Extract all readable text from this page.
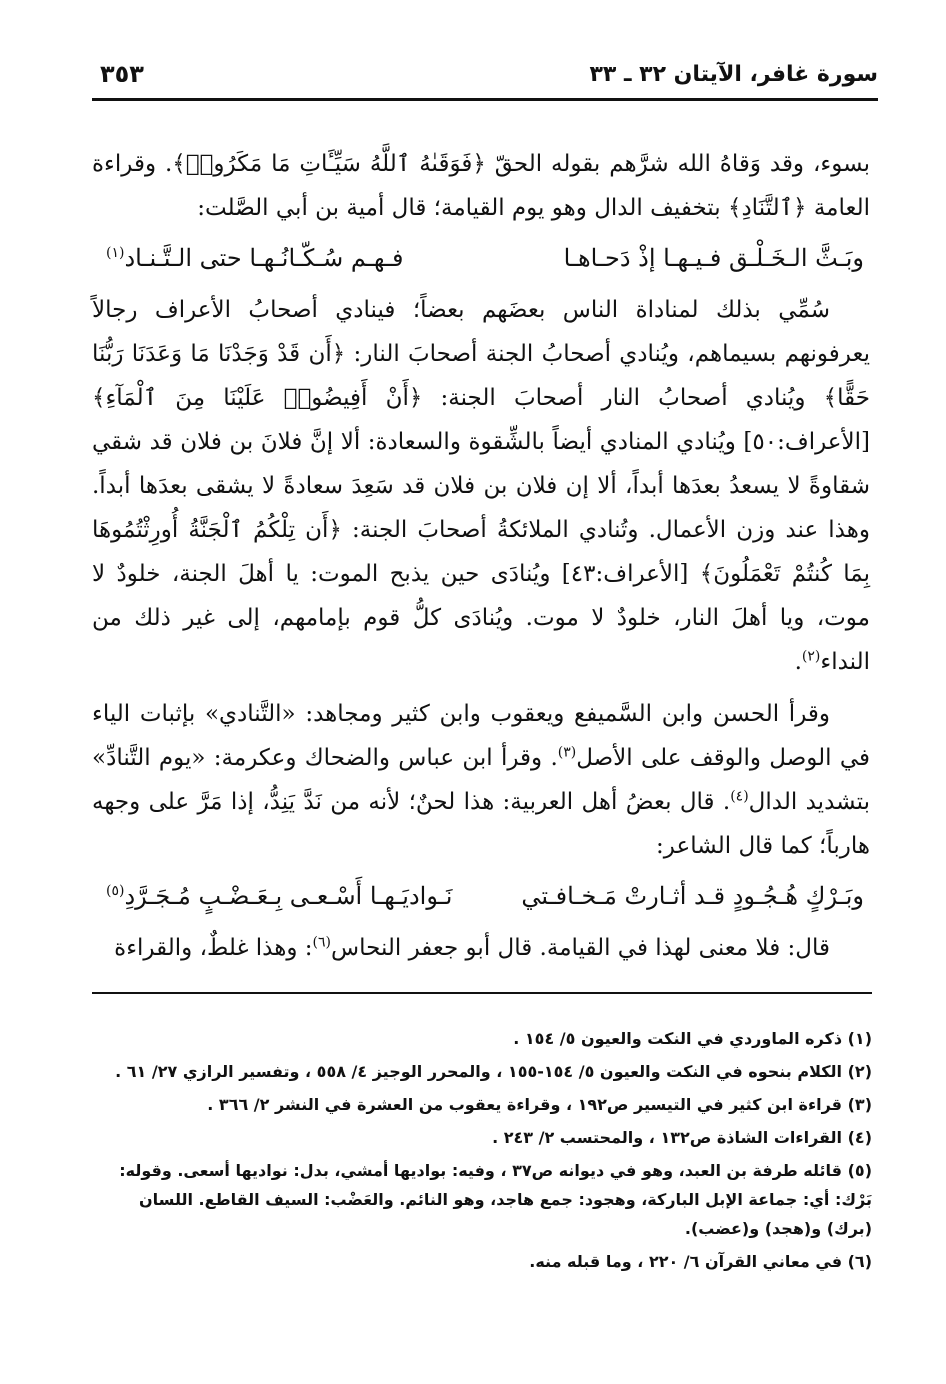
سورة غافر، الآيتان ٣٢ ـ ٣٣
٣٥٣

بسوء، وقد وَقاهُ الله شرَّهم بقوله الحقّ ﴿فَوَقَىٰهُ ٱللَّهُ سَيِّـَٔاتِ مَا مَكَرُوا۟﴾. وقراءة العامة ﴿ٱلتَّنَادِ﴾ بتخفيف الدال وهو يوم القيامة؛ قال أمية بن أبي الصَّلت:

وبَـثَّ الـخَـلْـق فـيـهـا إذْ دَحـاهـا
فـهـم سُـكّـانُـهـا حتى الـتَّـنـاد$^{(١)}$

سُمِّي بذلك لمناداة الناس بعضَهم بعضاً؛ فينادي أصحابُ الأعراف رجالاً يعرفونهم بسيماهم، ويُنادي أصحابُ الجنة أصحابَ النار: ﴿أَن قَدْ وَجَدْنَا مَا وَعَدَنَا رَبُّنَا حَقًّا﴾ ويُنادي أصحابُ النار أصحابَ الجنة: ﴿أَنْ أَفِيضُوا۟ عَلَيْنَا مِنَ ٱلْمَآءِ﴾ [الأعراف:٥٠] ويُنادي المنادي أيضاً بالشِّقوة والسعادة: ألا إنَّ فلانَ بن فلان قد شقي شقاوةً لا يسعدُ بعدَها أبداً، ألا إن فلان بن فلان قد سَعِدَ سعادةً لا يشقى بعدَها أبداً. وهذا عند وزن الأعمال. وتُنادي الملائكةُ أصحابَ الجنة: ﴿أَن تِلْكُمُ ٱلْجَنَّةُ أُورِثْتُمُوهَا بِمَا كُنتُمْ تَعْمَلُونَ﴾ [الأعراف:٤٣] ويُنادَى حين يذبح الموت: يا أهلَ الجنة، خلودٌ لا موت، ويا أهلَ النار، خلودٌ لا موت. ويُنادَى كلُّ قوم بإمامهم، إلى غير ذلك من النداء$^{(٢)}$.

وقرأ الحسن وابن السَّميفع ويعقوب وابن كثير ومجاهد: «التَّنادي» بإثبات الياء في الوصل والوقف على الأصل$^{(٣)}$. وقرأ ابن عباس والضحاك وعكرمة: «يوم التَّنادِّ» بتشديد الدال$^{(٤)}$. قال بعضُ أهل العربية: هذا لحنٌ؛ لأنه من نَدَّ يَنِدُّ، إذا مَرَّ على وجهه هارباً؛ كما قال الشاعر:

وبَـرْكٍ هُـجُـودٍ قـد أثـارتْ مَـخـافـتي
نَـواديَـهـا أَسْـعـى بِـعَـضْـبٍ مُـجَـرَّدِ$^{(٥)}$

قال: فلا معنى لهذا في القيامة. قال أبو جعفر النحاس$^{(٦)}$: وهذا غلطٌ، والقراءة

(١) ذكره الماوردي في النكت والعيون ٥/ ١٥٤ .

(٢) الكلام بنحوه في النكت والعيون ٥/ ١٥٤-١٥٥ ، والمحرر الوجيز ٤/ ٥٥٨ ، وتفسير الرازي ٢٧/ ٦١ .

(٣) قراءة ابن كثير في التيسير ص١٩٢ ، وقراءة يعقوب من العشرة في النشر ٢/ ٣٦٦ .

(٤) القراءات الشاذة ص١٣٢ ، والمحتسب ٢/ ٢٤٣ .

(٥) قائله طرفة بن العبد، وهو في ديوانه ص٣٧ ، وفيه: بواديها أمشي، بدل: نواديها أسعى. وقوله: بَرْك: أي: جماعة الإبل الباركة، وهجود: جمع هاجد، وهو النائم. والعَضْب: السيف القاطع. اللسان (برك) و(هجد) و(عضب).

(٦) في معاني القرآن ٦/ ٢٢٠ ، وما قبله منه.
